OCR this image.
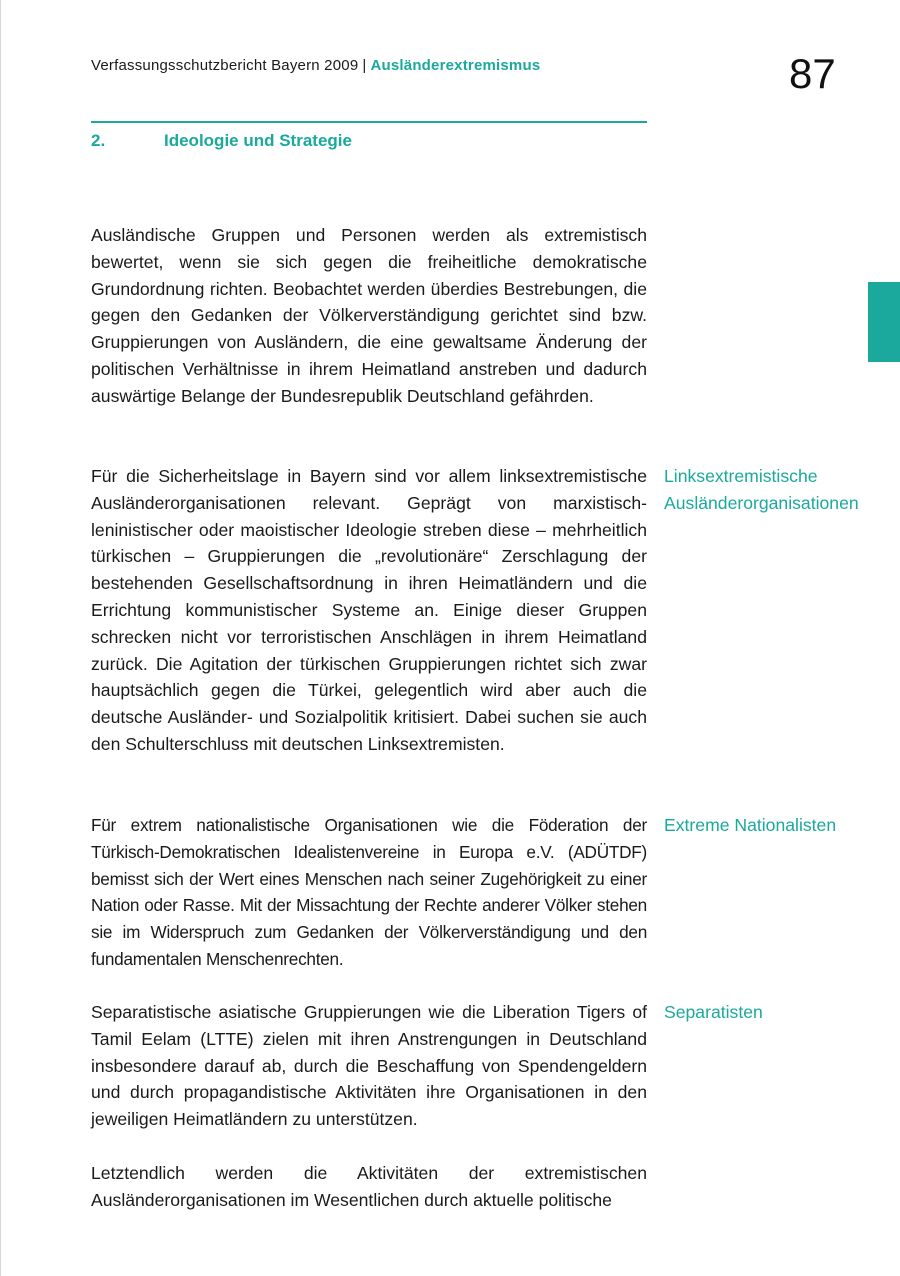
Verfassungsschutzbericht Bayern 2009 | Ausländerextremismus	87
2.	Ideologie und Strategie

Ausländische Gruppen und Personen werden als extremistisch bewertet, wenn sie sich gegen die freiheitliche demokratische Grundordnung richten. Beobachtet werden überdies Bestrebungen, die gegen den Gedanken der Völkerverständigung gerichtet sind bzw. Gruppierungen von Ausländern, die eine gewaltsame Änderung der politischen Verhältnisse in ihrem Heimatland anstreben und dadurch auswärtige Belange der Bundesrepublik Deutschland gefährden.

Für die Sicherheitslage in Bayern sind vor allem linksextremistische Ausländerorganisationen relevant. Geprägt von marxistisch-leninistischer oder maoistischer Ideologie streben diese – mehrheitlich türkischen – Gruppierungen die „revolutionäre“ Zerschlagung der bestehenden Gesellschaftsordnung in ihren Heimatländern und die Errichtung kommunistischer Systeme an. Einige dieser Gruppen schrecken nicht vor terroristischen Anschlägen in ihrem Heimatland zurück. Die Agitation der türkischen Gruppierungen richtet sich zwar hauptsächlich gegen die Türkei, gelegentlich wird aber auch die deutsche Ausländer- und Sozialpolitik kritisiert. Dabei suchen sie auch den Schulterschluss mit deutschen Linksextremisten.

Linksextremistische Ausländerorganisationen

Für extrem nationalistische Organisationen wie die Föderation der Türkisch-Demokratischen Idealistenvereine in Europa e.V. (ADÜTDF) bemisst sich der Wert eines Menschen nach seiner Zugehörigkeit zu einer Nation oder Rasse. Mit der Missachtung der Rechte anderer Völker stehen sie im Widerspruch zum Gedanken der Völkerverständigung und den fundamentalen Menschenrechten.

Extreme Nationalisten

Separatistische asiatische Gruppierungen wie die Liberation Tigers of Tamil Eelam (LTTE) zielen mit ihren Anstrengungen in Deutschland insbesondere darauf ab, durch die Beschaffung von Spendengeldern und durch propagandistische Aktivitäten ihre Organisationen in den jeweiligen Heimatländern zu unterstützen.

Separatisten

Letztendlich werden die Aktivitäten der extremistischen Ausländerorganisationen im Wesentlichen durch aktuelle politische
